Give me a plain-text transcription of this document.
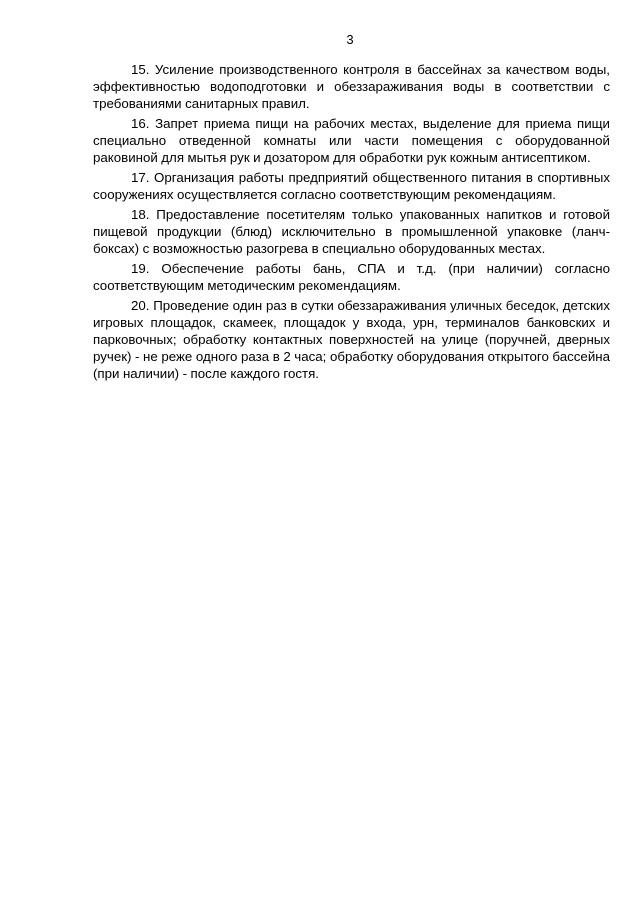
3

15. Усиление производственного контроля в бассейнах за качеством воды, эффективностью водоподготовки и обеззараживания воды в соответствии с требованиями санитарных правил.

16. Запрет приема пищи на рабочих местах, выделение для приема пищи специально отведенной комнаты или части помещения с оборудованной раковиной для мытья рук и дозатором для обработки рук кожным антисептиком.

17. Организация работы предприятий общественного питания в спортивных сооружениях осуществляется согласно соответствующим рекомендациям.

18. Предоставление посетителям только упакованных напитков и готовой пищевой продукции (блюд) исключительно в промышленной упаковке (ланч-боксах) с возможностью разогрева в специально оборудованных местах.

19. Обеспечение работы бань, СПА и т.д. (при наличии) согласно соответствующим методическим рекомендациям.

20. Проведение один раз в сутки обеззараживания уличных беседок, детских игровых площадок, скамеек, площадок у входа, урн, терминалов банковских и парковочных; обработку контактных поверхностей на улице (поручней, дверных ручек) - не реже одного раза в 2 часа; обработку оборудования открытого бассейна (при наличии) - после каждого гостя.
